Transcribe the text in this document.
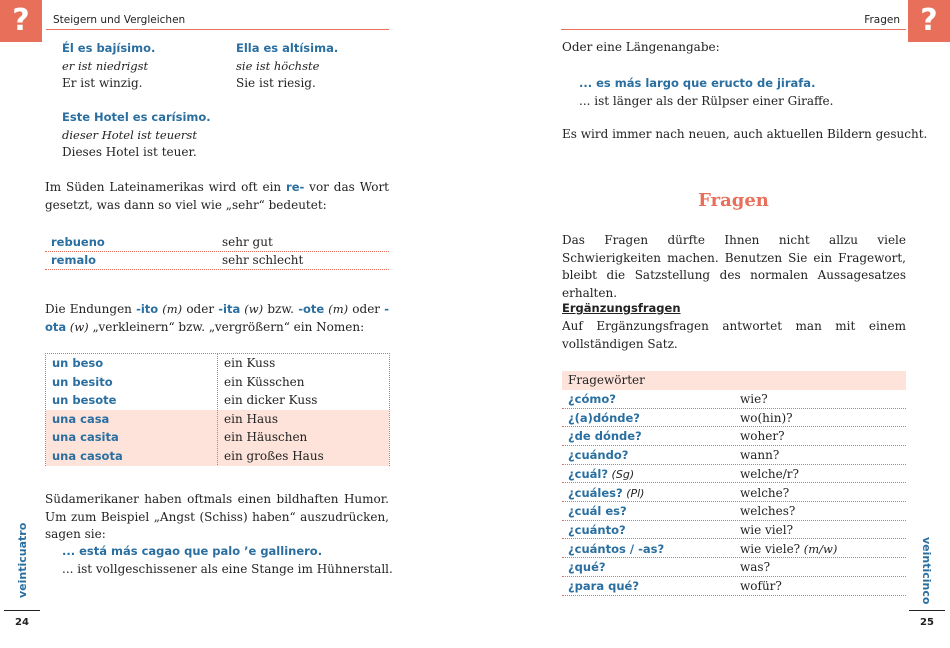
?	?
Steigern und Vergleichen	Fragen
veinticuatro	veinticinco
24	25
Él es bajísimo.
er ist niedrigst
Er ist winzig.
Ella es altísima.
sie ist höchste
Sie ist riesig.
Este Hotel es carísimo.
dieser Hotel ist teuerst
Dieses Hotel ist teuer.
Im Süden Lateinamerikas wird oft ein re- vor das Wort gesetzt, was dann so viel wie „sehr“ bedeutet:
rebueno	sehr gut
remalo	sehr schlecht
Die Endungen -ito (m) oder -ita (w) bzw. -ote (m) oder -ota (w) „verkleinern“ bzw. „vergrößern“ ein Nomen:
un beso	ein Kuss
un besito	ein Küsschen
un besote	ein dicker Kuss
una casa	ein Haus
una casita	ein Häuschen
una casota	ein großes Haus
Südamerikaner haben oftmals einen bildhaften Humor. Um zum Beispiel „Angst (Schiss) haben“ auszudrücken, sagen sie:
... está más cagao que palo ’e gallinero.
... ist vollgeschissener als eine Stange im Hühnerstall.
Oder eine Längenangabe:
... es más largo que eructo de jirafa.
... ist länger als der Rülpser einer Giraffe.
Es wird immer nach neuen, auch aktuellen Bildern gesucht.
Fragen
Das Fragen dürfte Ihnen nicht allzu viele Schwierigkeiten machen. Benutzen Sie ein Fragewort, bleibt die Satzstellung des normalen Aussagesatzes erhalten.
Ergänzungsfragen
Auf Ergänzungsfragen antwortet man mit einem vollständigen Satz.
Fragewörter
¿cómo?	wie?
¿(a)dónde?	wo(hin)?
¿de dónde?	woher?
¿cuándo?	wann?
¿cuál? (Sg)	welche/r?
¿cuáles? (Pl)	welche?
¿cuál es?	welches?
¿cuánto?	wie viel?
¿cuántos / -as?	wie viele? (m/w)
¿qué?	was?
¿para qué?	wofür?
